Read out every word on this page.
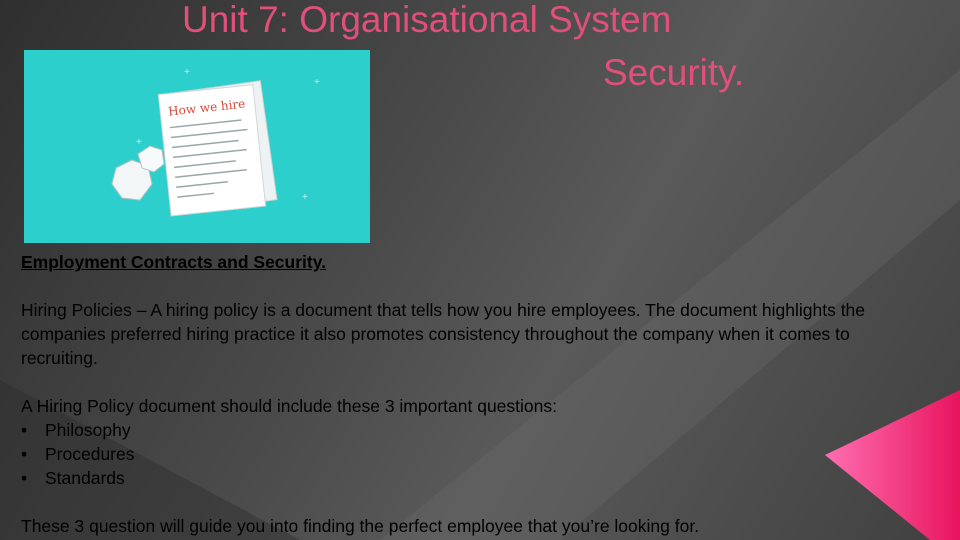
Unit 7: Organisational System
Security.
+
+
+
+
How we hire

Employment Contracts and Security.

Hiring Policies – A hiring policy is a document that tells how you hire employees. The document highlights the companies preferred hiring practice it also promotes consistency throughout the company when it comes to recruiting.

A Hiring Policy document should include these 3 important questions:

• Philosophy
• Procedures
• Standards

These 3 question will guide you into finding the perfect employee that you’re looking for.
